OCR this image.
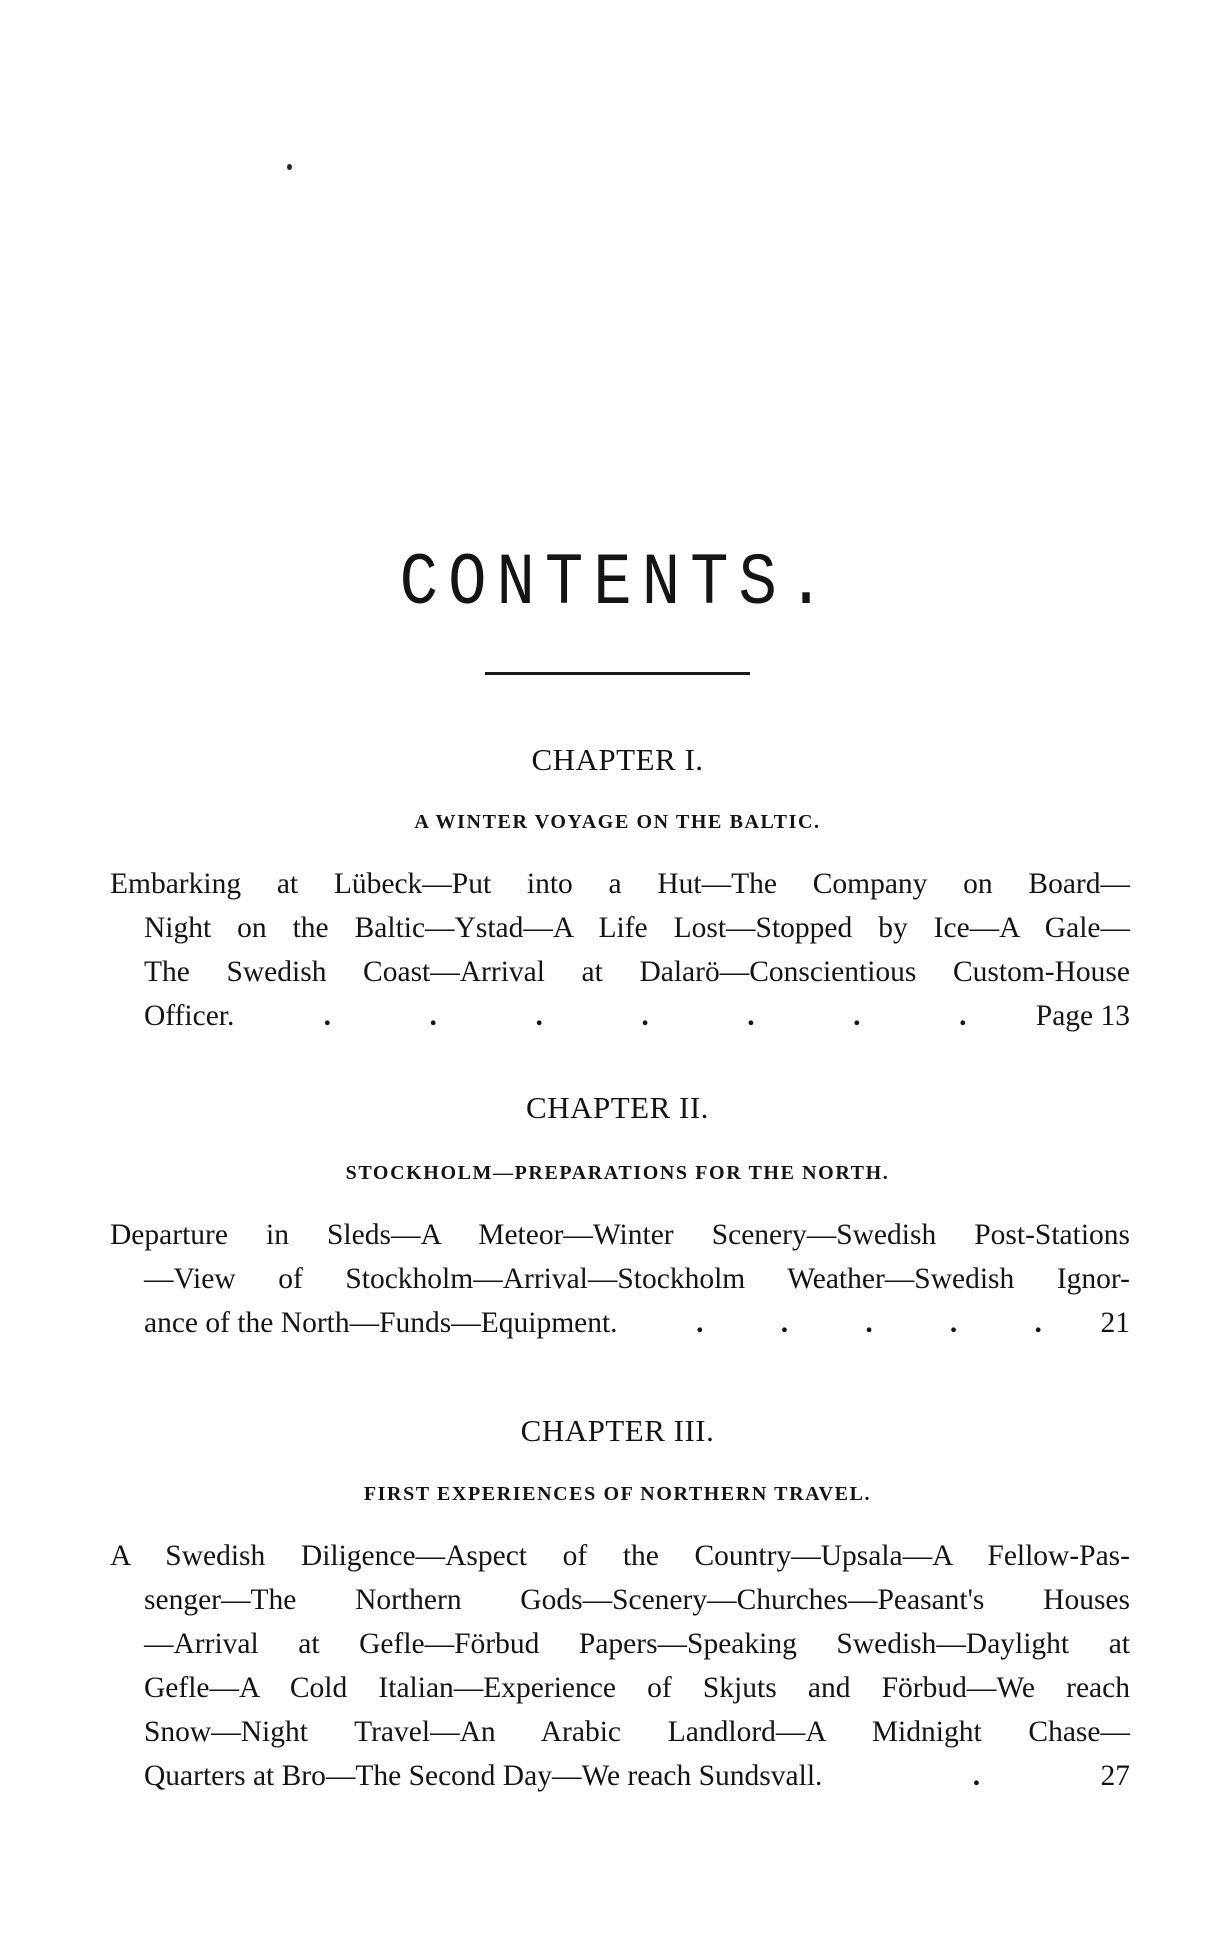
CONTENTS.
CHAPTER I.
A WINTER VOYAGE ON THE BALTIC.
Embarking at Lübeck—Put into a Hut—The Company on Board—
Night on the Baltic—Ystad—A Life Lost—Stopped by Ice—A Gale—
The Swedish Coast—Arrival at Dalarö—Conscientious Custom-House
Officer.	.	.	.	.	.	.	. Page 13
CHAPTER II.
STOCKHOLM—PREPARATIONS FOR THE NORTH.
Departure in Sleds—A Meteor—Winter Scenery—Swedish Post-Stations
—View of Stockholm—Arrival—Stockholm Weather—Swedish Ignor-
ance of the North—Funds—Equipment.	.	.	.	.	. 21
CHAPTER III.
FIRST EXPERIENCES OF NORTHERN TRAVEL.
A Swedish Diligence—Aspect of the Country—Upsala—A Fellow-Pas-
senger—The Northern Gods—Scenery—Churches—Peasant's Houses
—Arrival at Gefle—Förbud Papers—Speaking Swedish—Daylight at
Gefle—A Cold Italian—Experience of Skjuts and Förbud—We reach
Snow—Night Travel—An Arabic Landlord—A Midnight Chase—
Quarters at Bro—The Second Day—We reach Sundsvall.	.	27
